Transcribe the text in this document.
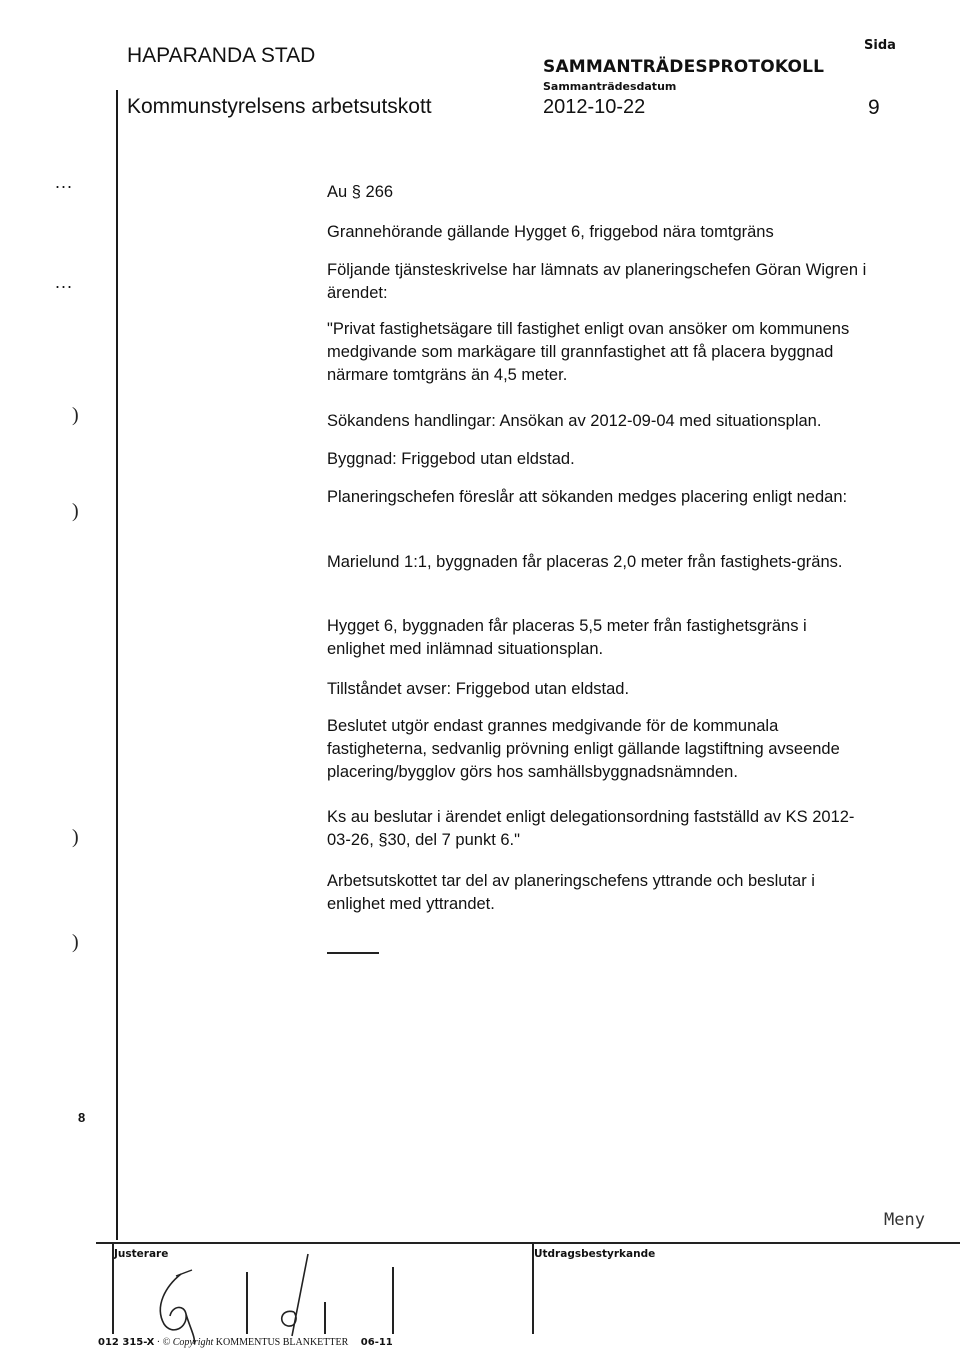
HAPARANDA STAD
Kommunstyrelsens arbetsutskott
SAMMANTRÄDESPROTOKOLL
Sammanträdesdatum
2012-10-22
Sida
9
...
...
)
)
)
)
8
Au § 266
Grannehörande gällande Hygget 6, friggebod nära tomtgräns
Följande tjänsteskrivelse har lämnats av planeringschefen Göran Wigren i ärendet:
"Privat fastighetsägare till fastighet enligt ovan ansöker om kommunens medgivande som markägare till grannfastighet att få placera byggnad närmare tomtgräns än 4,5 meter.
Sökandens handlingar: Ansökan av 2012-09-04 med situationsplan.
Byggnad: Friggebod utan eldstad.
Planeringschefen föreslår att sökanden medges placering enligt nedan:
Marielund 1:1, byggnaden får placeras 2,0 meter från fastighets-gräns.
Hygget 6, byggnaden får placeras 5,5 meter från fastighetsgräns i enlighet med inlämnad situationsplan.
Tillståndet avser: Friggebod utan eldstad.
Beslutet utgör endast grannes medgivande för de kommunala fastigheterna, sedvanlig prövning enligt gällande lagstiftning avseende placering/bygglov görs hos samhällsbyggnadsnämnden.
Ks au beslutar i ärendet enligt delegationsordning fastställd av KS 2012-03-26, §30, del 7 punkt 6."
Arbetsutskottet tar del av planeringschefens yttrande och beslutar i enlighet med yttrandet.
Meny
Justerare	Utdragsbestyrkande
012 315-X · © Copyright KOMMENTUS BLANKETTER 06-11
